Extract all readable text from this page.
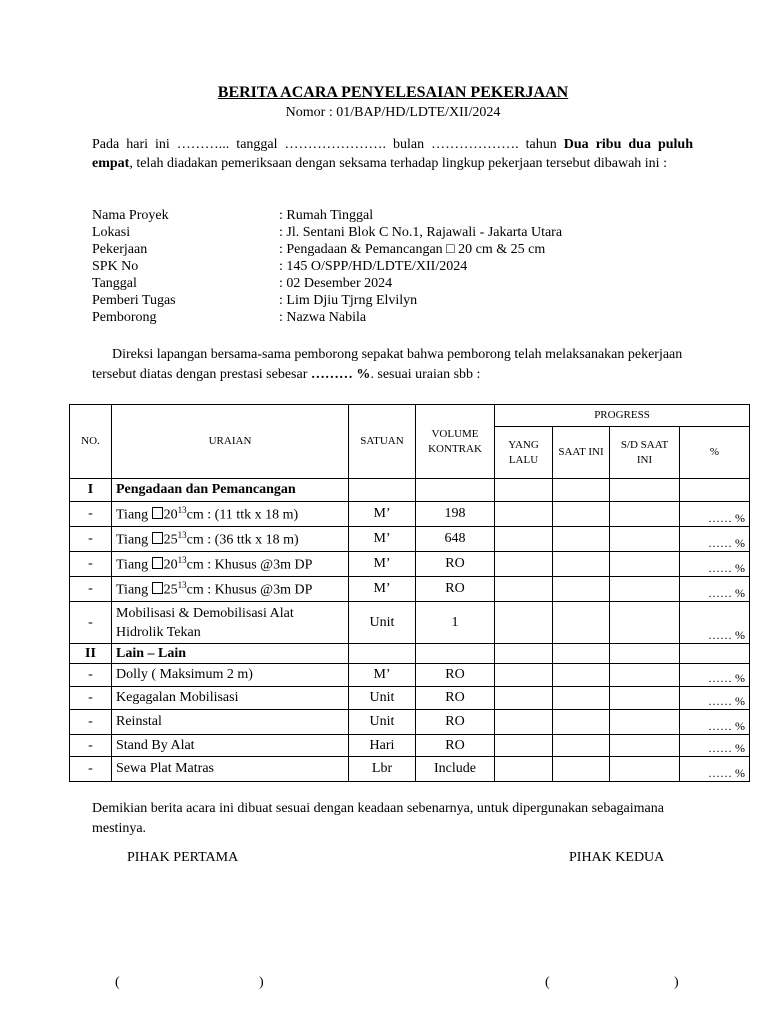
BERITA ACARA PENYELESAIAN PEKERJAAN
Nomor : 01/BAP/HD/LDTE/XII/2024
Pada hari ini ………... tanggal …………………. bulan ………………. tahun Dua ribu dua puluh empat, telah diadakan pemeriksaan dengan seksama terhadap lingkup pekerjaan tersebut dibawah ini :
Nama Proyek	: Rumah Tinggal
Lokasi	: Jl. Sentani Blok C No.1, Rajawali - Jakarta Utara
Pekerjaan	: Pengadaan & Pemancangan □ 20 cm & 25 cm
SPK No	: 145 O/SPP/HD/LDTE/XII/2024
Tanggal	: 02 Desember 2024
Pemberi Tugas	: Lim Djiu Tjrng Elvilyn
Pemborong	: Nazwa Nabila
Direksi lapangan bersama-sama pemborong sepakat bahwa pemborong telah melaksanakan pekerjaan tersebut diatas dengan prestasi sebesar ……… %. sesuai uraian sbb :
NO.	URAIAN	SATUAN	VOLUME KONTRAK	PROGRESS			
				YANG LALU	SAAT INI	S/D SAAT INI	%
I	Pengadaan dan Pemancangan						
-	Tiang $20^{13}cm$ : (11 ttk x 18 m)	M’	198				…… %
-	Tiang $25^{13}cm$ : (36 ttk x 18 m)	M’	648				…… %
-	Tiang $20^{13}cm$ : Khusus @3m DP	M’	RO				…… %
-	Tiang $25^{13}cm$ : Khusus @3m DP	M’	RO				…… %
-	Mobilisasi & Demobilisasi Alat Hidrolik Tekan	Unit	1				…… %
II	Lain – Lain						
-	Dolly ( Maksimum 2 m)	M’	RO				…… %
-	Kegagalan Mobilisasi	Unit	RO				…… %
-	Reinstal	Unit	RO				…… %
-	Stand By Alat	Hari	RO				…… %
-	Sewa Plat Matras	Lbr	Include				…… %
Demikian berita acara ini dibuat sesuai dengan keadaan sebenarnya, untuk dipergunakan sebagaimana mestinya.
PIHAK PERTAMA	PIHAK KEDUA
(	)	(	)
